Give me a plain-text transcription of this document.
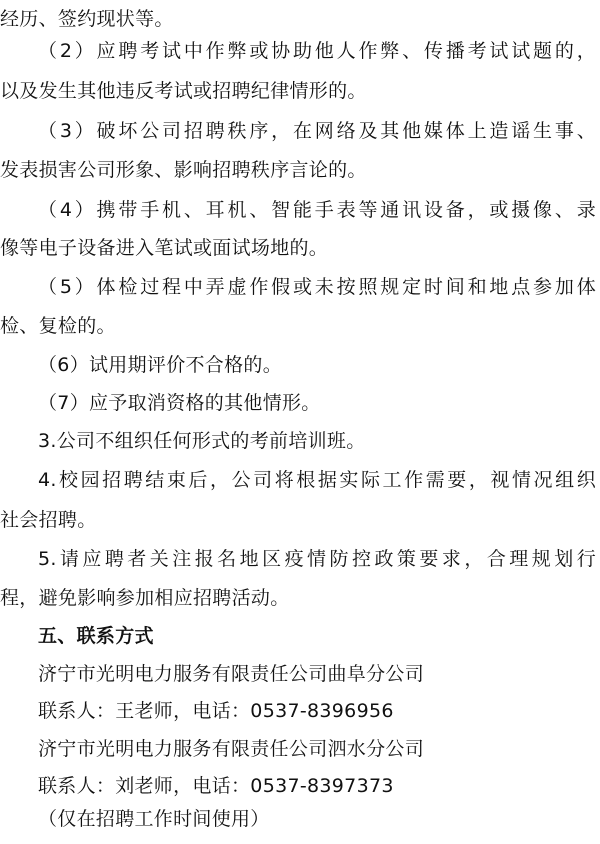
经历、签约现状等。
（2）应聘考试中作弊或协助他人作弊、传播考试试题的，
以及发生其他违反考试或招聘纪律情形的。
（3）破坏公司招聘秩序，在网络及其他媒体上造谣生事、
发表损害公司形象、影响招聘秩序言论的。
（4）携带手机、耳机、智能手表等通讯设备，或摄像、录
像等电子设备进入笔试或面试场地的。
（5）体检过程中弄虚作假或未按照规定时间和地点参加体
检、复检的。
（6）试用期评价不合格的。
（7）应予取消资格的其他情形。
3.公司不组织任何形式的考前培训班。
4.校园招聘结束后，公司将根据实际工作需要，视情况组织
社会招聘。
5.请应聘者关注报名地区疫情防控政策要求，合理规划行
程，避免影响参加相应招聘活动。
五、联系方式
济宁市光明电力服务有限责任公司曲阜分公司
联系人：王老师，电话：0537-8396956
济宁市光明电力服务有限责任公司泗水分公司
联系人：刘老师，电话：0537-8397373
（仅在招聘工作时间使用）
